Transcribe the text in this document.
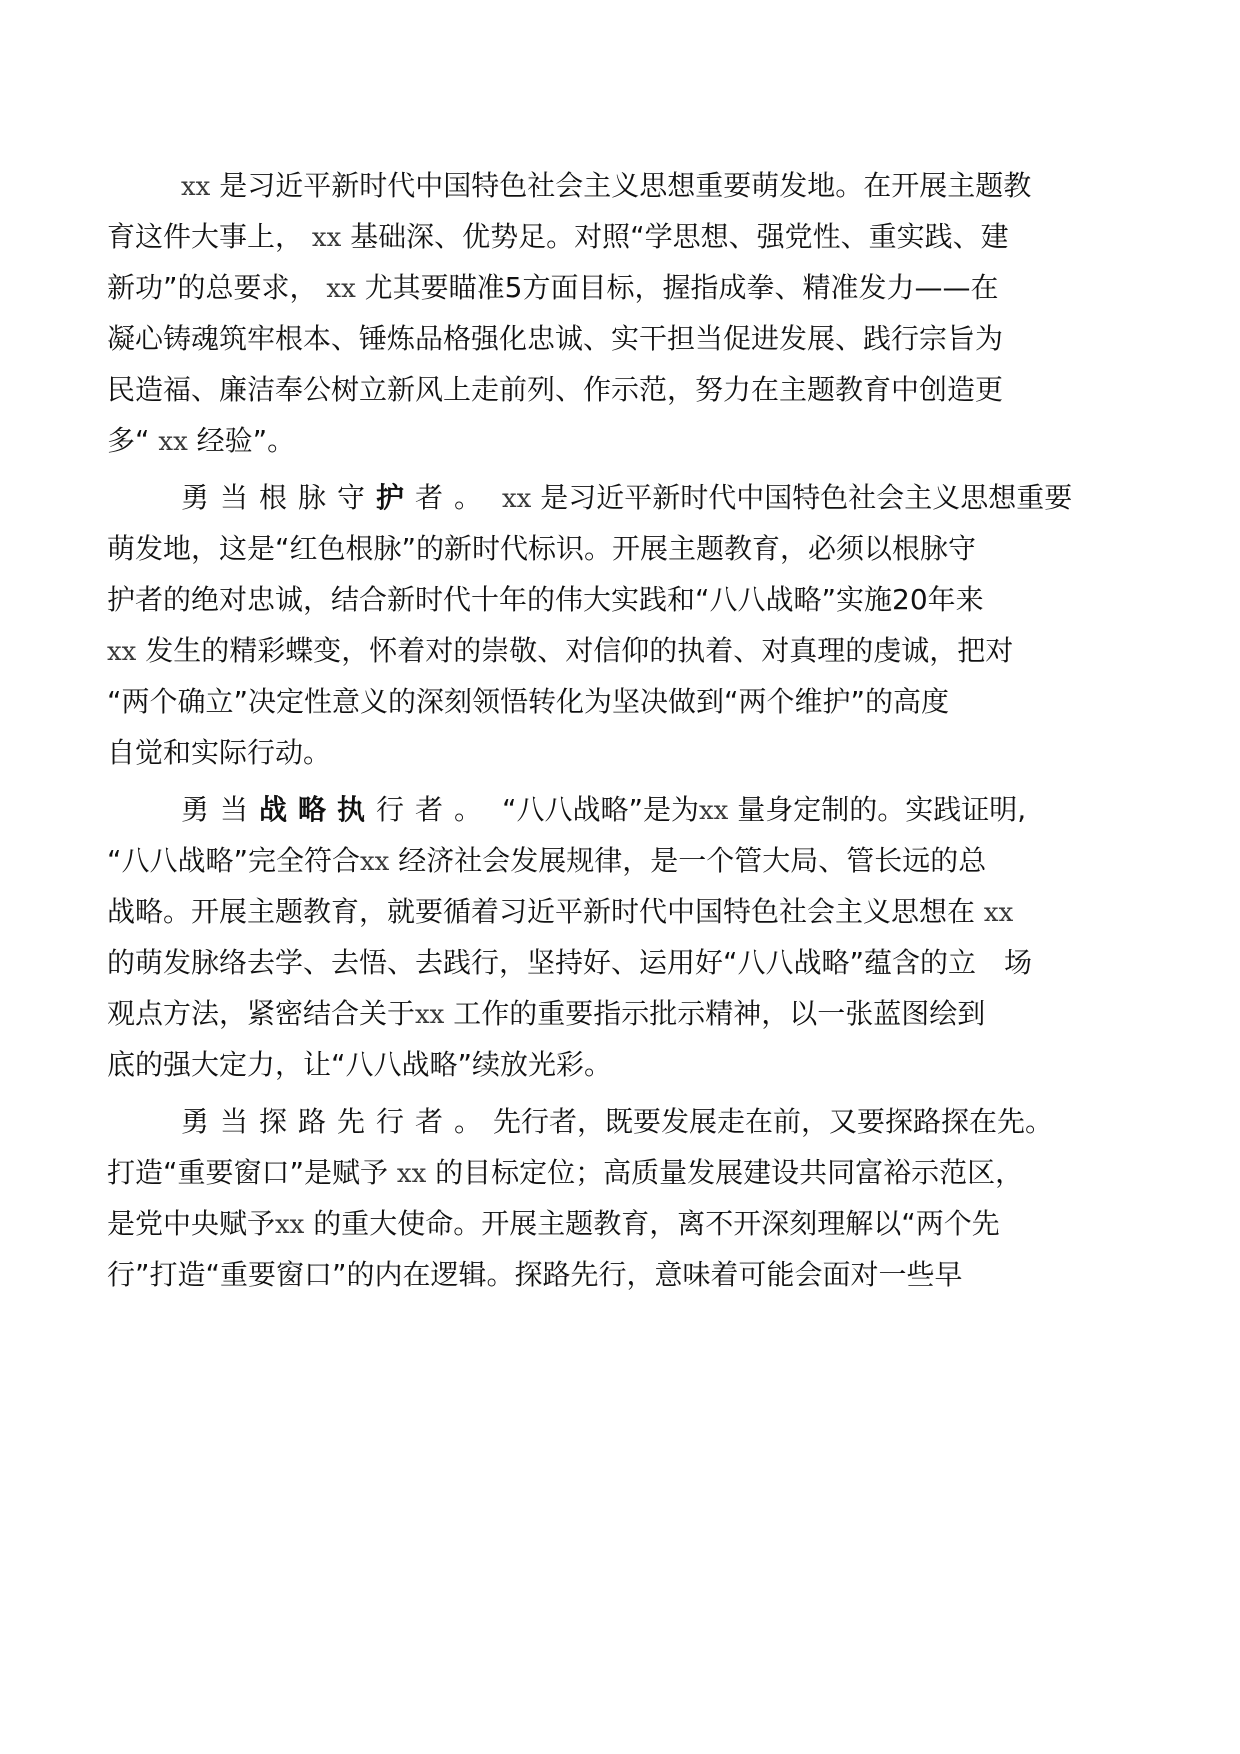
xx 是习近平新时代中国特色社会主义思想重要萌发地。在开展主题教
育这件大事上， xx 基础深、优势足。对照“学思想、强党性、重实践、建
新功”的总要求， xx 尤其要瞄准5方面目标，握指成拳、精准发力——在
凝心铸魂筑牢根本、锤炼品格强化忠诚、实干担当促进发展、践行宗旨为
民造福、廉洁奉公树立新风上走前列、作示范，努力在主题教育中创造更
多“ xx 经验”。
勇当根脉守护者。 xx 是习近平新时代中国特色社会主义思想重要
萌发地，这是“红色根脉”的新时代标识。开展主题教育，必须以根脉守
护者的绝对忠诚，结合新时代十年的伟大实践和“八八战略”实施20年来
xx 发生的精彩蝶变，怀着对的崇敬、对信仰的执着、对真理的虔诚，把对
“两个确立”决定性意义的深刻领悟转化为坚决做到“两个维护”的高度
自觉和实际行动。
勇当战略执行者。 “八八战略”是为xx 量身定制的。实践证明,
“八八战略”完全符合xx 经济社会发展规律，是一个管大局、管长远的总
战略。开展主题教育，就要循着习近平新时代中国特色社会主义思想在 xx
的萌发脉络去学、去悟、去践行，坚持好、运用好“八八战略”蕴含的立　场
观点方法，紧密结合关于xx 工作的重要指示批示精神，以一张蓝图绘到
底的强大定力，让“八八战略”续放光彩。
勇当探路先行者。先行者，既要发展走在前，又要探路探在先。
打造“重要窗口”是赋予 xx 的目标定位；高质量发展建设共同富裕示范区，
是党中央赋予xx 的重大使命。开展主题教育，离不开深刻理解以“两个先
行”打造“重要窗口”的内在逻辑。探路先行，意味着可能会面对一些早
